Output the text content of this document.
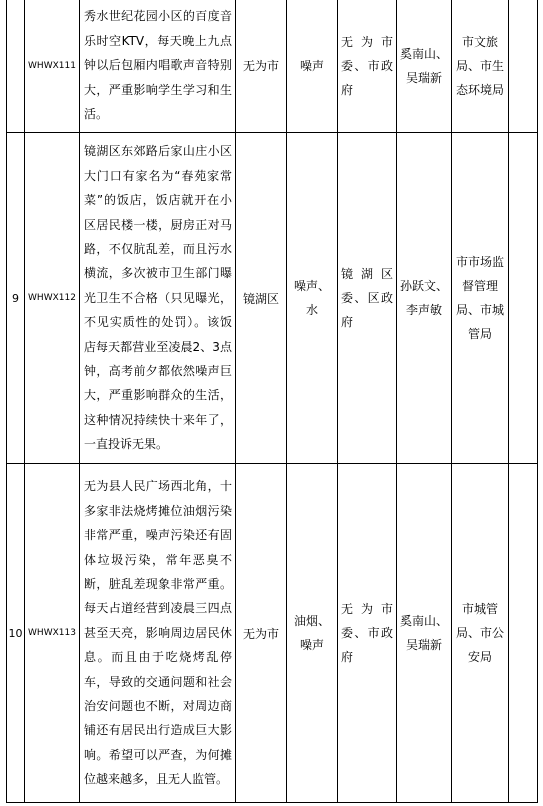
	WHWX111	秀水世纪花园小区的百度音乐时空KTV，每天晚上九点钟以后包厢内唱歌声音特别大，严重影响学生学习和生活。	无为市	噪声	无为市委、市政府	奚南山、吴瑞新	市文旅局、市生态环境局	
9	WHWX112	镜湖区东郊路后家山庄小区大门口有家名为“春苑家常菜”的饭店，饭店就开在小区居民楼一楼，厨房正对马路，不仅肮乱差，而且污水横流，多次被市卫生部门曝光卫生不合格（只见曝光，不见实质性的处罚）。该饭店每天都营业至凌晨2、3点钟，高考前夕都依然噪声巨大，严重影响群众的生活，这种情况持续快十来年了，一直投诉无果。	镜湖区	噪声、水	镜湖区委、区政府	孙跃文、李声敏	市市场监督管理局、市城管局	
10	WHWX113	无为县人民广场西北角，十多家非法烧烤摊位油烟污染非常严重，噪声污染还有固体垃圾污染，常年恶臭不断，脏乱差现象非常严重。每天占道经营到凌晨三四点甚至天亮，影响周边居民休息。而且由于吃烧烤乱停车，导致的交通问题和社会治安问题也不断，对周边商铺还有居民出行造成巨大影响。希望可以严查，为何摊位越来越多，且无人监管。	无为市	油烟、噪声	无为市委、市政府	奚南山、吴瑞新	市城管局、市公安局	
